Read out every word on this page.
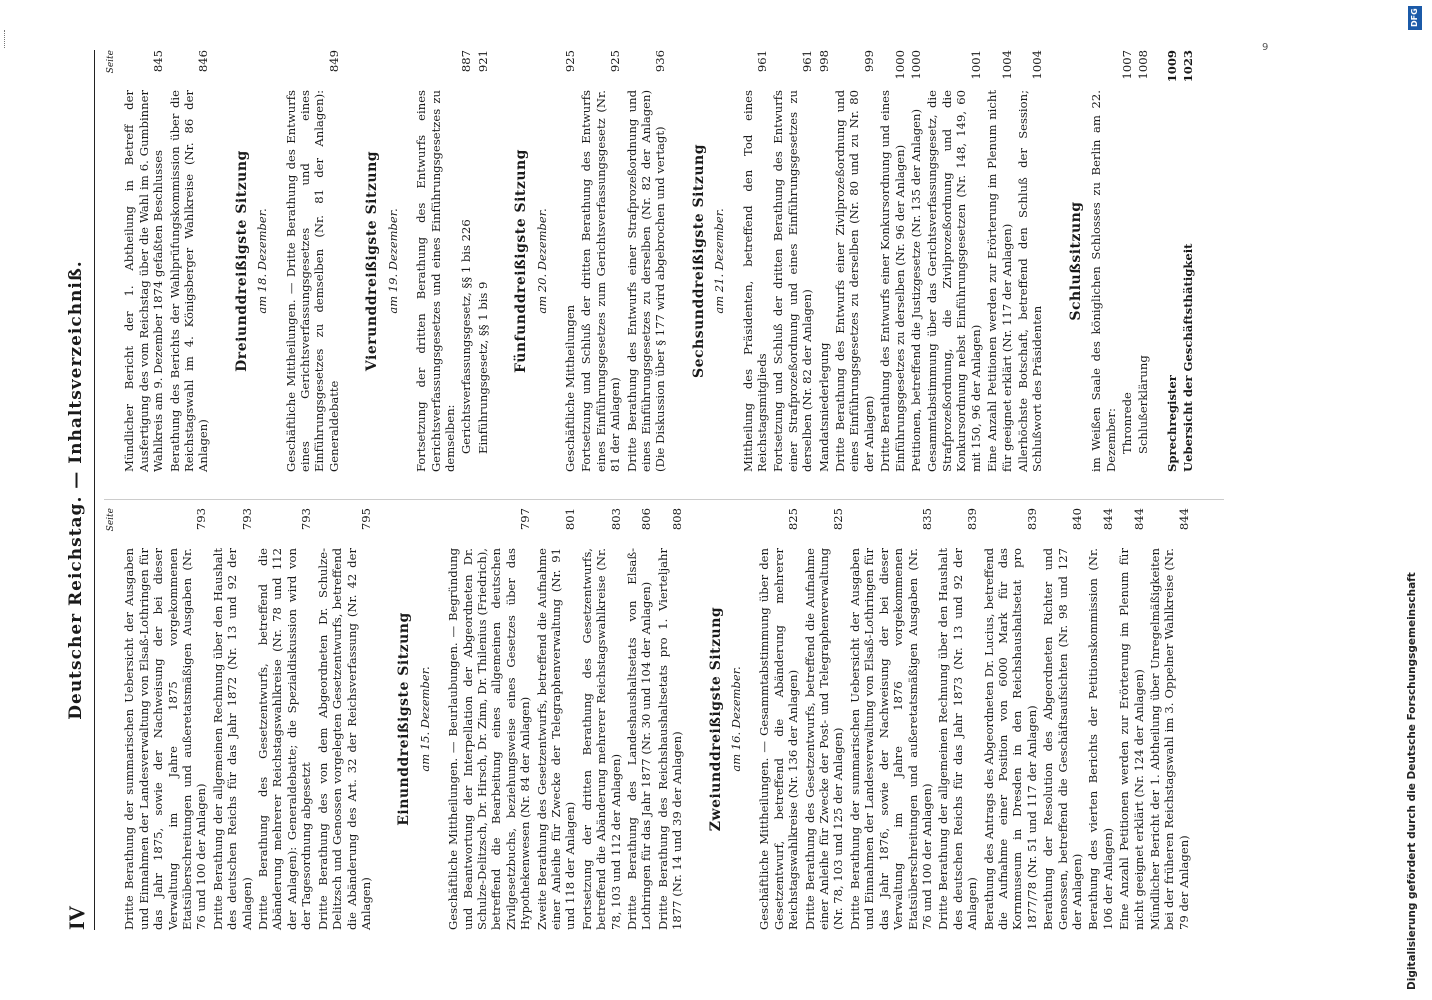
IV
Deutscher Reichstag. — Inhaltsverzeichniß. Seite
Dritte Berathung der summarischen Uebersicht der Ausgaben und Einnahmen der Landesverwaltung von Elsaß-Lothringen für das Jahr 1875, sowie der Nachweisung der bei dieser Verwaltung im Jahre 1875 vorgekommenen Etatsüberschreitungen und außeretatsmäßigen Ausgaben (Nr. 76 und 100 der Anlagen)
793
Dritte Berathung der allgemeinen Rechnung über den Haushalt des deutschen Reichs für das Jahr 1872 (Nr. 13 und 92 der Anlagen)
793
Dritte Berathung des Gesetzentwurfs, betreffend die Abänderung mehrerer Reichstagswahlkreise (Nr. 78 und 112 der Anlagen): Generaldebatte; die Spezialdiskussion wird von der Tagesordnung abgesetzt
793
Dritte Berathung des von dem Abgeordneten Dr. Schulze-Delitzsch und Genossen vorgelegten Gesetzentwurfs, betreffend die Abänderung des Art. 32 der Reichsverfassung (Nr. 42 der Anlagen)
795
Einunddreißigste Sitzung am 15. Dezember. Geschäftliche Mittheilungen. — Beurlaubungen. — Begründung und Beantwortung der Interpellation der Abgeordneten Dr. Schulze-Delitzsch, Dr. Hirsch, Dr. Zinn, Dr. Thilenius (Friedrich), betreffend die Bearbeitung eines allgemeinen deutschen Zivilgesetzbuchs, beziehungsweise eines Gesetzes über das Hypothekenwesen (Nr. 84 der Anlagen)
797
Zweite Berathung des Gesetzentwurfs, betreffend die Aufnahme einer Anleihe für Zwecke der Telegraphenverwaltung (Nr. 91 und 118 der Anlagen)
801
Fortsetzung der dritten Berathung des Gesetzentwurfs, betreffend die Abänderung mehrerer Reichstagswahlkreise (Nr. 78, 103 und 112 der Anlagen)
803
Dritte Berathung des Landeshaushaltsetats von Elsaß-Lothringen für das Jahr 1877 (Nr. 30 und 104 der Anlagen)
806
Dritte Berathung des Reichshaushaltsetats pro 1. Vierteljahr 1877 (Nr. 14 und 39 der Anlagen)
808
Zweiunddreißigste Sitzung am 16. Dezember. Geschäftliche Mittheilungen. — Gesammtabstimmung über den Gesetzentwurf, betreffend die Abänderung mehrerer Reichstagswahlkreise (Nr. 136 der Anlagen)
825
Dritte Berathung des Gesetzentwurfs, betreffend die Aufnahme einer Anleihe für Zwecke der Post- und Telegraphenverwaltung (Nr. 78, 103 und 125 der Anlagen)
825
Dritte Berathung der summarischen Uebersicht der Ausgaben und Einnahmen der Landesverwaltung von Elsaß-Lothringen für das Jahr 1876, sowie der Nachweisung der bei dieser Verwaltung im Jahre 1876 vorgekommenen Etatsüberschreitungen und außeretatsmäßigen Ausgaben (Nr. 76 und 100 der Anlagen)
835
Dritte Berathung der allgemeinen Rechnung über den Haushalt des deutschen Reichs für das Jahr 1873 (Nr. 13 und 92 der Anlagen)
839
Berathung des Antrags des Abgeordneten Dr. Lucius, betreffend die Aufnahme einer Position von 6000 Mark für das Kornmuseum in Dresden in den Reichshaushaltsetat pro 1877/78 (Nr. 51 und 117 der Anlagen)
839
Berathung der Resolution des Abgeordneten Richter und Genossen, betreffend die Geschäftsaufsichten (Nr. 98 und 127 der Anlagen)
840
Berathung des vierten Berichts der Petitionskommission (Nr. 106 der Anlagen)
844
Eine Anzahl Petitionen werden zur Erörterung im Plenum für nicht geeignet erklärt (Nr. 124 der Anlagen)
844
Mündlicher Bericht der 1. Abtheilung über Unregelmäßigkeiten bei der früheren Reichstagswahl im 3. Oppelner Wahlkreise (Nr. 79 der Anlagen)
844
Seite
Mündlicher Bericht der 1. Abtheilung in Betreff der Ausfertigung des vom Reichstag über die Wahl im 6. Gumbinner Wahlkreis am 9. Dezember 1874 gefaßten Beschlusses
845
Berathung des Berichts der Wahlprüfungskommission über die Reichstagswahl im 4. Königsberger Wahlkreise (Nr. 86 der Anlagen)
846
Dreiunddreißigste Sitzung am 18. Dezember. Geschäftliche Mittheilungen. — Dritte Berathung des Entwurfs eines Gerichtsverfassungsgesetzes und eines Einführungsgesetzes zu demselben (Nr. 81 der Anlagen): Generaldebatte
849
Vierunddreißigste Sitzung am 19. Dezember. Fortsetzung der dritten Berathung des Entwurfs eines Gerichtsverfassungsgesetzes und eines Einführungsgesetzes zu demselben: Gerichtsverfassungsgesetz, §§ 1 bis 226
887
Einführungsgesetz, §§ 1 bis 9
921
Fünfunddreißigste Sitzung am 20. Dezember.
Geschäftliche Mittheilungen
925
Fortsetzung und Schluß der dritten Berathung des Entwurfs eines Einführungsgesetzes zum Gerichtsverfassungsgesetz (Nr. 81 der Anlagen)
925
Dritte Berathung des Entwurfs einer Strafprozeßordnung und eines Einführungsgesetzes zu derselben (Nr. 82 der Anlagen) (Die Diskussion über § 177 wird abgebrochen und vertagt)
936
Sechsunddreißigste Sitzung am 21. Dezember. Mittheilung des Präsidenten, betreffend den Tod eines Reichstagsmitglieds
961
Fortsetzung und Schluß der dritten Berathung des Entwurfs einer Strafprozeßordnung und eines Einführungsgesetzes zu derselben (Nr. 82 der Anlagen)
961
Mandatsniederlegung
998
Dritte Berathung des Entwurfs einer Zivilprozeßordnung und eines Einführungsgesetzes zu derselben (Nr. 80 und zu Nr. 80 der Anlagen)
999
Dritte Berathung des Entwurfs einer Konkursordnung und eines Einführungsgesetzes zu derselben (Nr. 96 der Anlagen)
1000
Petitionen, betreffend die Justizgesetze (Nr. 135 der Anlagen)
1000
Gesammtabstimmung über das Gerichtsverfassungsgesetz, die Strafprozeßordnung, die Zivilprozeßordnung und die Konkursordnung nebst Einführungsgesetzen (Nr. 148, 149, 60 mit 150, 96 der Anlagen)
1001
Eine Anzahl Petitionen werden zur Erörterung im Plenum nicht für geeignet erklärt (Nr. 117 der Anlagen)
1004
Allerhöchste Botschaft, betreffend den Schluß der Session; Schlußwort des Präsidenten
1004
Schlußsitzung im Weißen Saale des königlichen Schlosses zu Berlin am 22. Dezember: Thronrede
1007
Schlußerklärung
1008
Sprechregister
1009
Uebersicht der Geschäftsthätigkeit
1023
9
DFG
Digitalisierung gefördert durch die Deutsche Forschungsgemeinschaft
